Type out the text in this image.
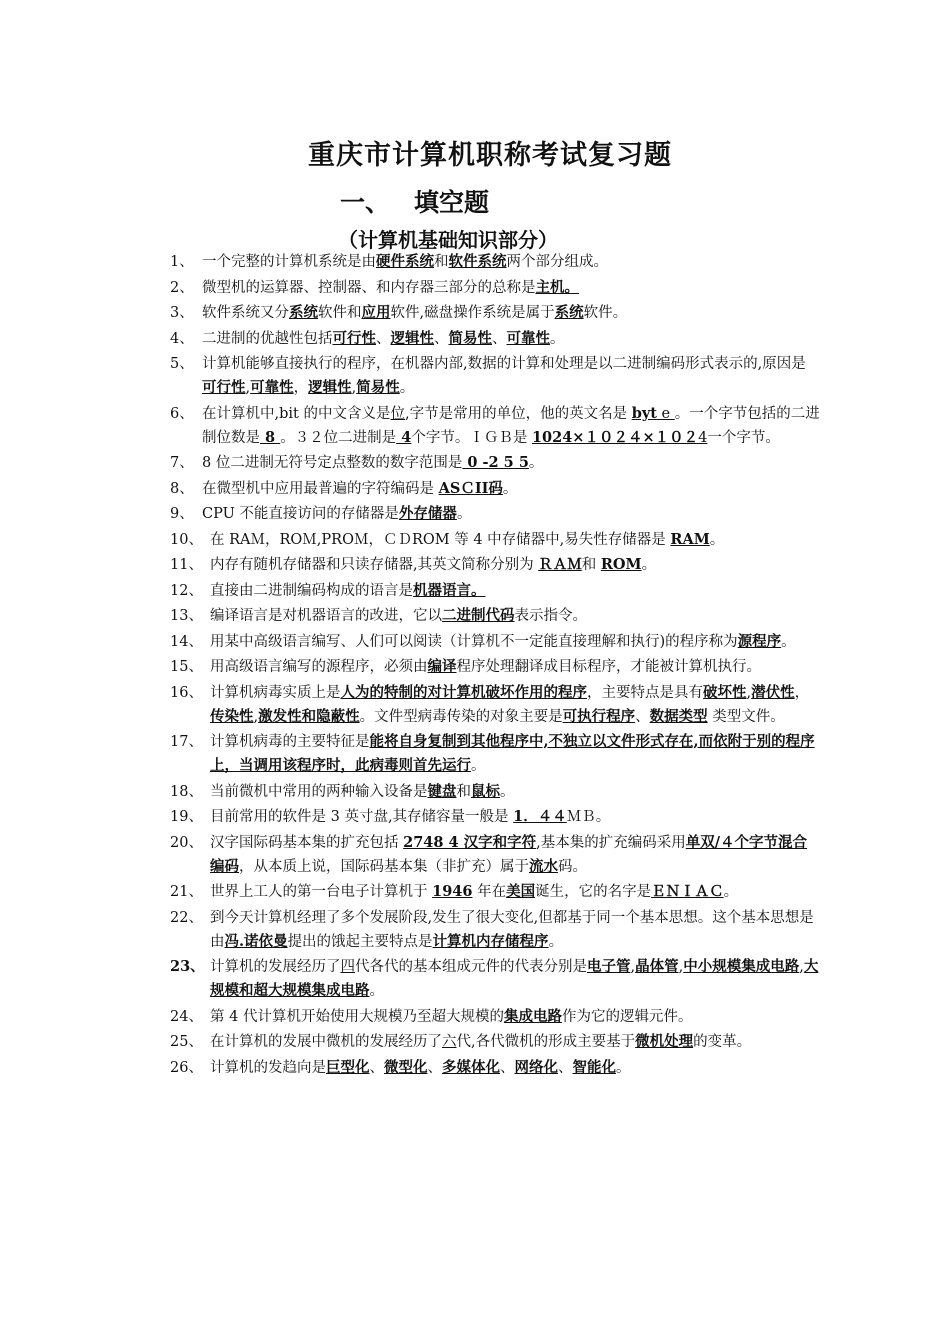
重庆市计算机职称考试复习题
一、 填空题
（计算机基础知识部分）
1、 一个完整的计算机系统是由硬件系统和软件系统两个部分组成。
2、 微型机的运算器、控制器、和内存器三部分的总称是主机。
3、 软件系统又分系统软件和应用软件,磁盘操作系统是属于系统软件。
4、 二进制的优越性包括可行性、逻辑性、简易性、可靠性。
5、 计算机能够直接执行的程序，在机器内部,数据的计算和处理是以二进制编码形式表示的,原因是可行性,可靠性，逻辑性,简易性。
6、 在计算机中,bit 的中文含义是位,字节是常用的单位，他的英文名是 byt e 。一个字节包括的二进制位数是 8 。３２位二进制是 4个字节。ＩＧＢ是 1024×１０２４×１０２4一个字节。
7、 8 位二进制无符号定点整数的数字范围是 0 -2 5 5。
8、 在微型机中应用最普遍的字符编码是 ASＣII码。
9、 CPU 不能直接访问的存储器是外存储器。
10、 在 RAＭ，ROＭ,PROＭ，ＣＤROM 等 4 中存储器中,易失性存储器是 RAM。
11、 内存有随机存储器和只读存储器,其英文简称分别为 ＲＡＭ和 ROM。
12、 直接由二进制编码构成的语言是机器语言。
13、 编译语言是对机器语言的改进，它以二进制代码表示指令。
14、 用某中高级语言编写、人们可以阅读（计算机不一定能直接理解和执行)的程序称为源程序。
15、 用高级语言编写的源程序，必须由编译程序处理翻译成目标程序，才能被计算机执行。
16、 计算机病毒实质上是人为的特制的对计算机破坏作用的程序，主要特点是具有破坏性,潜伏性，传染性,激发性和隐蔽性。文件型病毒传染的对象主要是可执行程序、数据类型 类型文件。
17、 计算机病毒的主要特征是能将自身复制到其他程序中,不独立以文件形式存在,而依附于别的程序上，当调用该程序时，此病毒则首先运行。
18、 当前微机中常用的两种输入设备是键盘和鼠标。
19、 目前常用的软件是 3 英寸盘,其存储容量一般是 1．４４ＭＢ。
20、 汉字国际码基本集的扩充包括 2748 4 汉字和字符,基本集的扩充编码采用单双/４个字节混合编码，从本质上说，国际码基本集（非扩充）属于流水码。
21、 世界上工人的第一台电子计算机于 1946 年在美国诞生，它的名字是ＥＮＩＡＣ。
22、 到今天计算机经理了多个发展阶段,发生了很大变化,但都基于同一个基本思想。这个基本思想是由冯.诺依曼提出的饿起主要特点是计算机内存储程序。
23、 计算机的发展经历了四代各代的基本组成元件的代表分别是电子管,晶体管,中小规模集成电路,大规模和超大规模集成电路。
24、 第 4 代计算机开始使用大规模乃至超大规模的集成电路作为它的逻辑元件。
25、 在计算机的发展中微机的发展经历了六代,各代微机的形成主要基于微机处理的变革。
26、 计算机的发趋向是巨型化、微型化、多媒体化、网络化、智能化。
